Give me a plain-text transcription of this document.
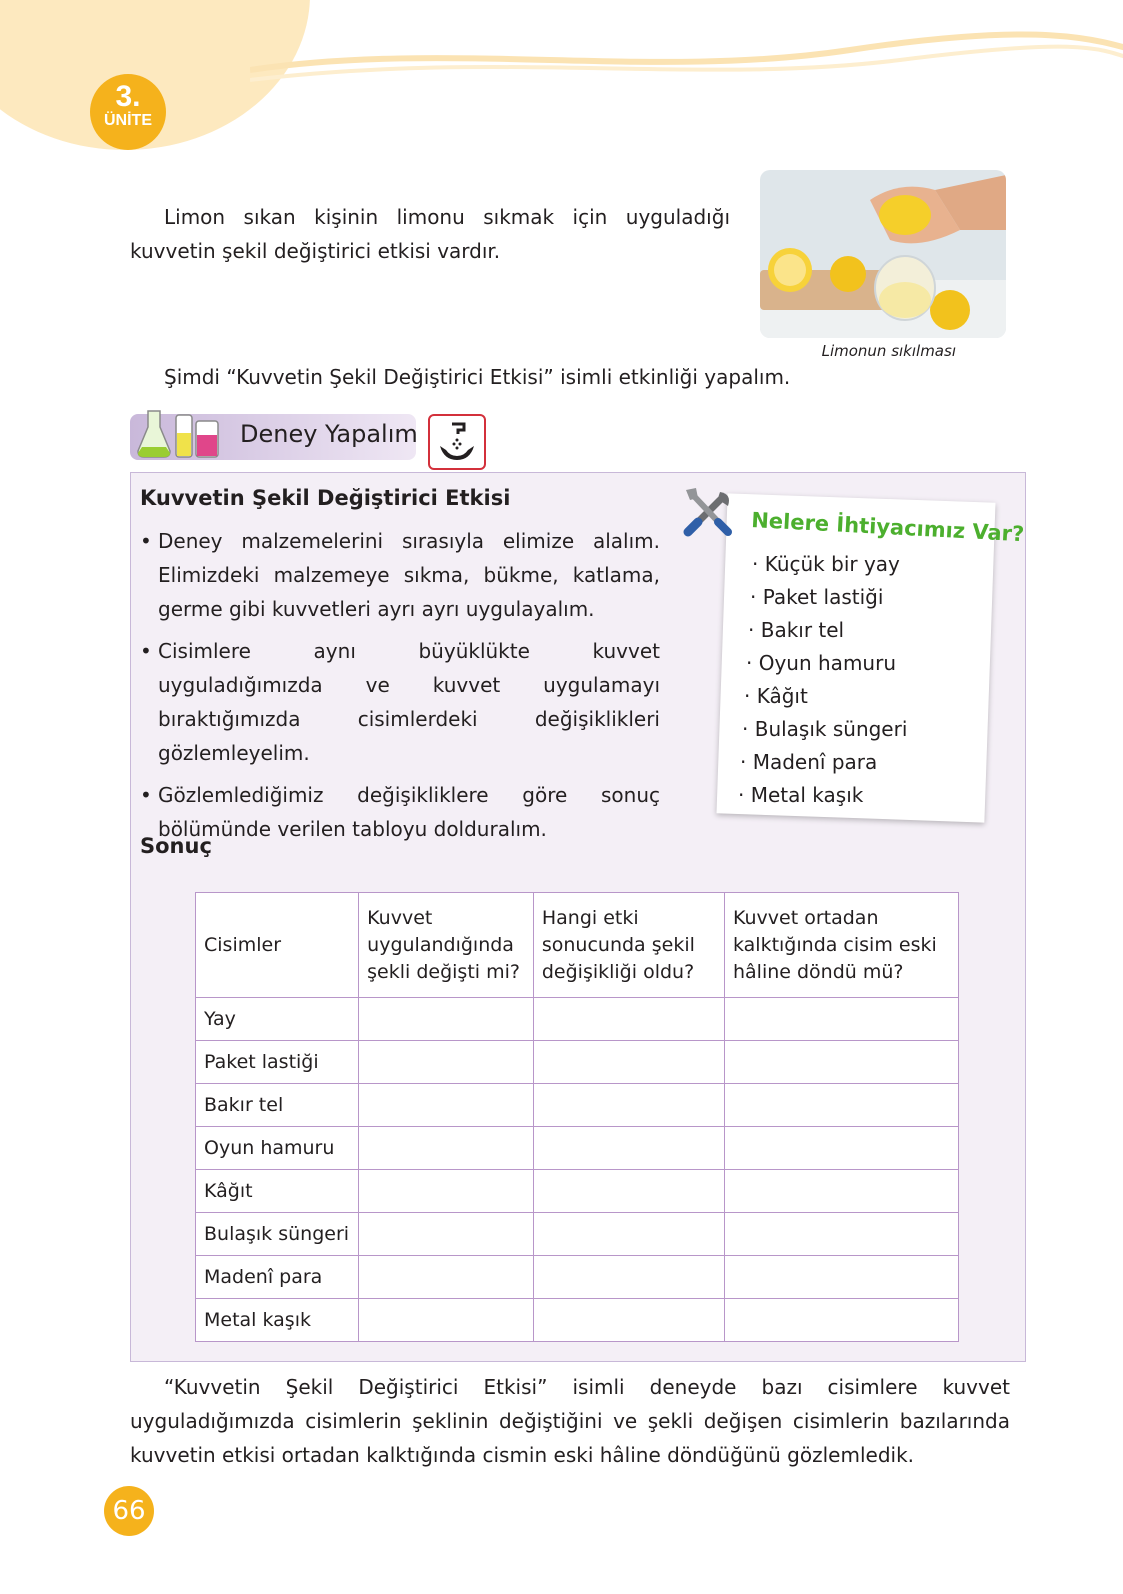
3.
ÜNİTE
Limon sıkan kişinin limonu sıkmak için uyguladığı kuvvetin şekil değiştirici etkisi vardır.
Limonun sıkılması
Şimdi “Kuvvetin Şekil Değiştirici Etkisi” isimli etkinliği yapalım.
Deney Yapalım
Kuvvetin Şekil Değiştirici Etkisi
• Deney malzemelerini sırasıyla elimize alalım. Elimizdeki malzemeye sıkma, bükme, katlama, germe gibi kuvvetleri ayrı ayrı uygulayalım.
• Cisimlere aynı büyüklükte kuvvet uyguladığımızda ve kuvvet uygulamayı bıraktığımızda cisimlerdeki değişiklikleri gözlemleyelim.
• Gözlemlediğimiz değişikliklere göre sonuç bölümünde verilen tabloyu dolduralım.
Sonuç
Nelere İhtiyacımız Var?
· Küçük bir yay
· Paket lastiği
· Bakır tel
· Oyun hamuru
· Kâğıt
· Bulaşık süngeri
· Madenî para
· Metal kaşık
Cisimler	Kuvvet uygulandığında şekli değişti mi?	Hangi etki sonucunda şekil değişikliği oldu?	Kuvvet ortadan kalktığında cisim eski hâline döndü mü?
Yay			
Paket lastiği			
Bakır tel			
Oyun hamuru			
Kâğıt			
Bulaşık süngeri			
Madenî para			
Metal kaşık			
“Kuvvetin Şekil Değiştirici Etkisi” isimli deneyde bazı cisimlere kuvvet uyguladığımızda cisimlerin şeklinin değiştiğini ve şekli değişen cisimlerin bazılarında kuvvetin etkisi ortadan kalktığında cismin eski hâline döndüğünü gözlemledik.
66
